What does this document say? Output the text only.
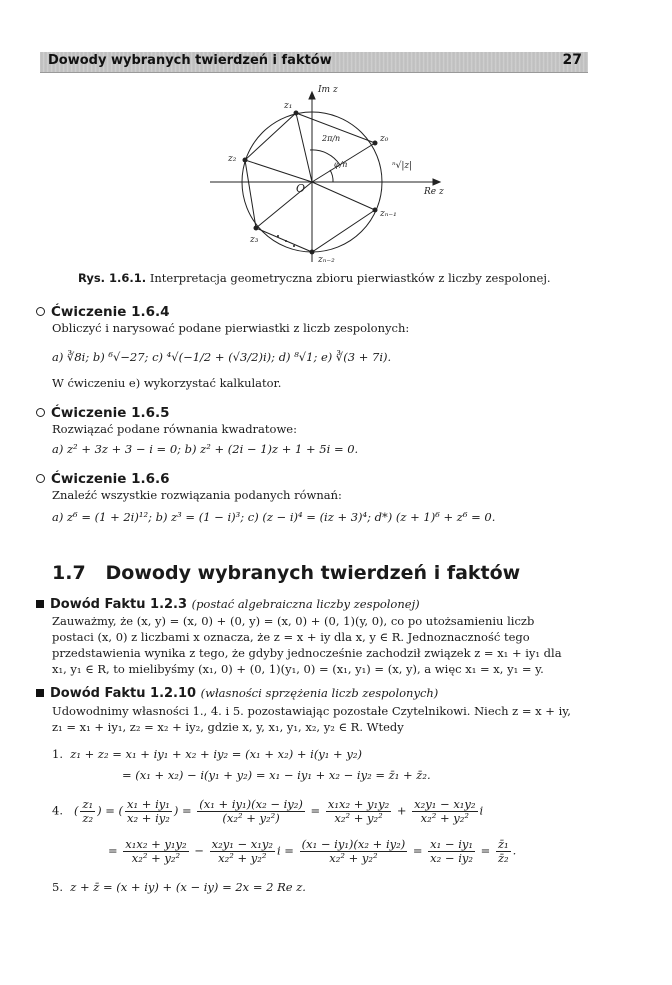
Dowody wybranych twierdzeń i faktów	27
Im z
Re z
O
z₀
z₁
z₂
z₃
zₙ₋₁
zₙ₋₂
2π/n
φ/n	ⁿ√|z|
Rys. 1.6.1. Interpretacja geometryczna zbioru pierwiastków z liczby zespolonej.
Ćwiczenie 1.6.4
Obliczyć i narysować podane pierwiastki z liczb zespolonych:
a) ∛8i; b) ⁶√−27; c) ⁴√(−1/2 + (√3/2)i); d) ⁸√1; e) ∛(3 + 7i).
W ćwiczeniu e) wykorzystać kalkulator.
Ćwiczenie 1.6.5
Rozwiązać podane równania kwadratowe:
a) z² + 3z + 3 − i = 0; b) z² + (2i − 1)z + 1 + 5i = 0.
Ćwiczenie 1.6.6
Znaleźć wszystkie rozwiązania podanych równań:
a) z⁶ = (1 + 2i)¹²; b) z³ = (1 − i)³; c) (z − i)⁴ = (iz + 3)⁴; d*) (z + 1)⁶ + z⁶ = 0.
1.7 Dowody wybranych twierdzeń i faktów
Dowód Faktu 1.2.3 (postać algebraiczna liczby zespolonej)
Zauważmy, że (x, y) = (x, 0) + (0, y) = (x, 0) + (0, 1)(y, 0), co po utożsamieniu liczb
postaci (x, 0) z liczbami x oznacza, że z = x + iy dla x, y ∈ R. Jednoznaczność tego
przedstawienia wynika z tego, że gdyby jednocześnie zachodził związek z = x₁ + iy₁ dla
x₁, y₁ ∈ R, to mielibyśmy (x₁, 0) + (0, 1)(y₁, 0) = (x₁, y₁) = (x, y), a więc x₁ = x, y₁ = y.
Dowód Faktu 1.2.10 (własności sprzężenia liczb zespolonych)
Udowodnimy własności 1., 4. i 5. pozostawiając pozostałe Czytelnikowi. Niech z = x + iy,
z₁ = x₁ + iy₁, z₂ = x₂ + iy₂, gdzie x, y, x₁, y₁, x₂, y₂ ∈ R. Wtedy
1. z₁ + z₂ = x₁ + iy₁ + x₂ + iy₂ = (x₁ + x₂) + i(y₁ + y₂)
= (x₁ + x₂) − i(y₁ + y₂) = x₁ − iy₁ + x₂ − iy₂ = z̄₁ + z̄₂.
4.   ( $\frac{\text{z₁}}{\text{z₂}}$ ) = ( $\frac{\text{x₁ + iy₁}}{\text{x₂ + iy₂}}$ ) = $\frac{\text{(x₁ + iy₁)(x₂ − iy₂)}}{\text{(x₂² + y₂²)}} = \frac{\text{x₁x₂ + y₁y₂}}{\text{x₂² + y₂²}} + \frac{\text{x₂y₁ − x₁y₂}}{\text{x₂² + y₂²}}$ i
= $\frac{\text{x₁x₂ + y₁y₂}}{\text{x₂² + y₂²}} - \frac{\text{x₂y₁ − x₁y₂}}{\text{x₂² + y₂²}}$ $i = \frac{\text{(x₁ − iy₁)(x₂ + iy₂)}}{\text{x₂² + y₂²}} = \frac{\text{x₁ − iy₁}}{\text{x₂ − iy₂}} = \frac{\text{z̄₁}}{\text{z̄₂}}$ .
5. z + z̄ = (x + iy) + (x − iy) = 2x = 2 Re z.
